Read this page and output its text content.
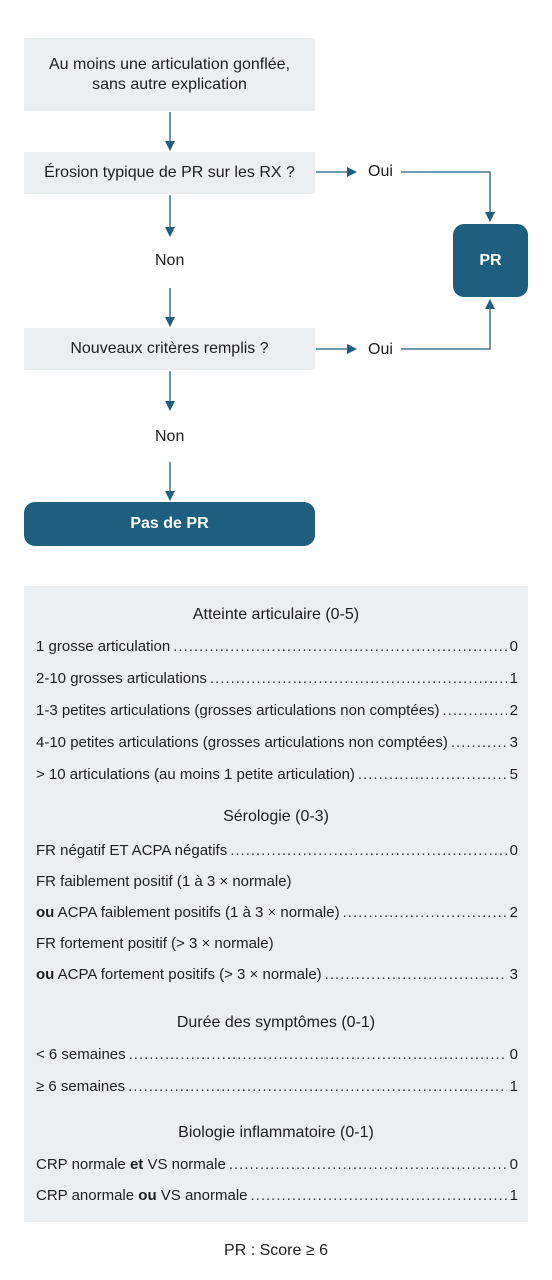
Au moins une articulation gonflée,
sans autre explication
Érosion typique de PR sur les RX ?
Nouveaux critères remplis ?
Oui
Non
Oui
Non
PR
Pas de PR
Atteinte articulaire (0-5)
1 grosse articulation .....	0
2-10 grosses articulations .....	1
1-3 petites articulations (grosses articulations non comptées) .....	2
4-10 petites articulations (grosses articulations non comptées) .....	3
> 10 articulations (au moins 1 petite articulation) .....	5
Sérologie (0-3)
FR négatif ET ACPA négatifs .....	0
FR faiblement positif (1 à 3 × normale)
ou ACPA faiblement positifs (1 à 3 × normale) .....	2
FR fortement positif (> 3 × normale)
ou ACPA fortement positifs (> 3 × normale) .....	3
Durée des symptômes (0-1)
< 6 semaines .....	0
≥ 6 semaines .....	1
Biologie inflammatoire (0-1)
CRP normale et VS normale .....	0
CRP anormale ou VS anormale .....	1
PR : Score ≥ 6
